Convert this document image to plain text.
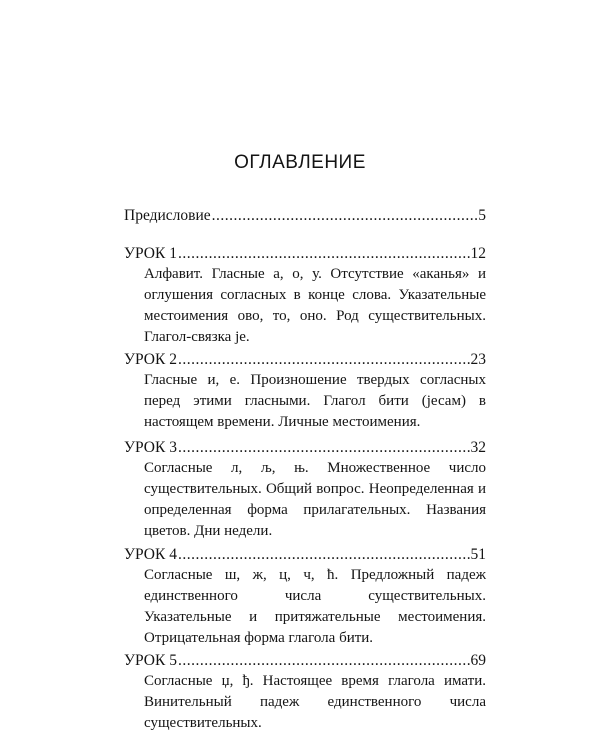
ОГЛАВЛЕНИЕ
Предисловие .....	5
УРОК 1 .....	12
Алфавит. Гласные а, о, у. Отсутствие «аканья» и оглушения согласных в конце слова. Указательные местоимения ово, то, оно. Род существительных. Глагол-связка је.
УРОК 2 .....	23
Гласные и, е. Произношение твердых согласных перед этими гласными. Глагол бити (јесам) в настоящем времени. Личные местоимения.
УРОК 3 .....	32
Согласные л, љ, њ. Множественное число существительных. Общий вопрос. Неопределенная и определенная форма прилагательных. Названия цветов. Дни недели.
УРОК 4 .....	51
Согласные ш, ж, ц, ч, ћ. Предложный падеж единственного числа существительных. Указательные и притяжательные местоимения. Отрицательная форма глагола бити.
УРОК 5 .....	69
Согласные џ, ђ. Настоящее время глагола имати. Винительный падеж единственного числа существительных.
